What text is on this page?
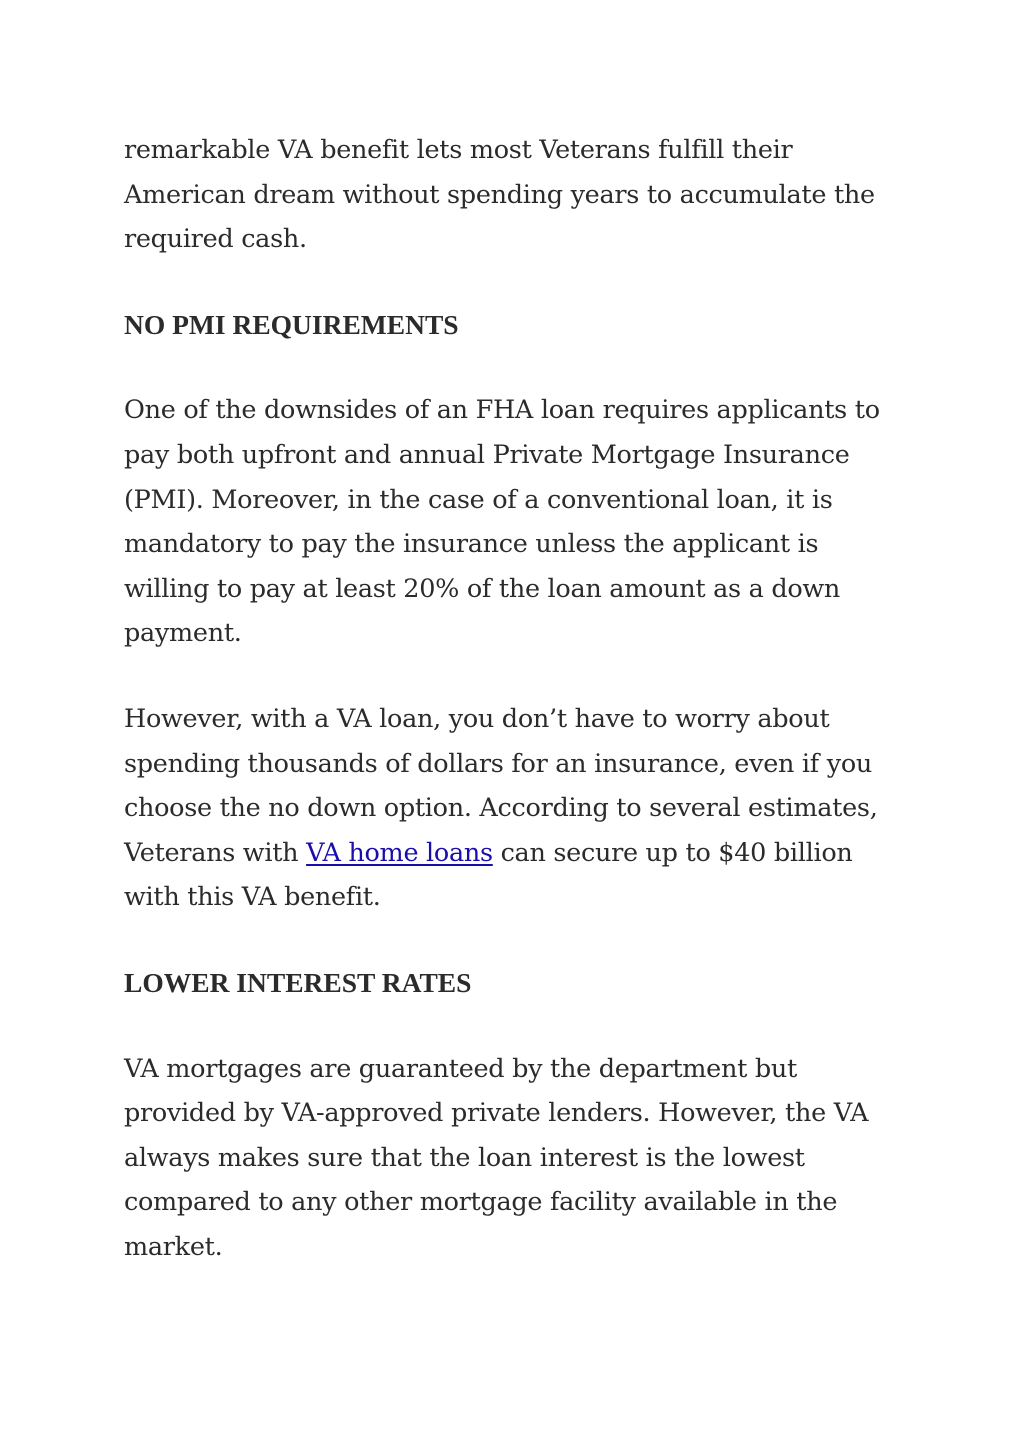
remarkable VA benefit lets most Veterans fulfill their American dream without spending years to accumulate the required cash.

NO PMI REQUIREMENTS

One of the downsides of an FHA loan requires applicants to pay both upfront and annual Private Mortgage Insurance (PMI). Moreover, in the case of a conventional loan, it is mandatory to pay the insurance unless the applicant is willing to pay at least 20% of the loan amount as a down payment.

However, with a VA loan, you don’t have to worry about spending thousands of dollars for an insurance, even if you choose the no down option. According to several estimates, Veterans with VA home loans can secure up to $40 billion with this VA benefit.

LOWER INTEREST RATES

VA mortgages are guaranteed by the department but provided by VA-approved private lenders. However, the VA always makes sure that the loan interest is the lowest compared to any other mortgage facility available in the market.
